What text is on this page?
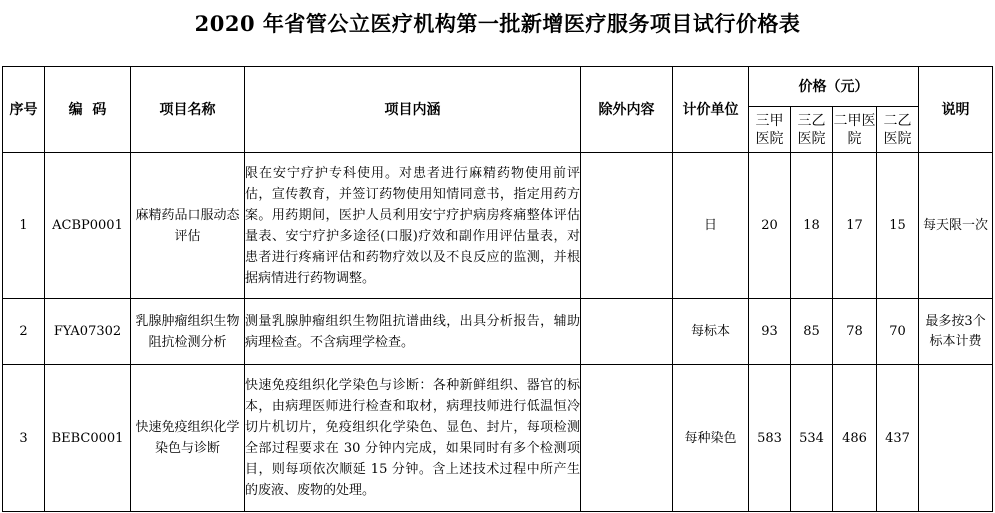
2020 年省管公立医疗机构第一批新增医疗服务项目试行价格表
序号	编  码	项目名称	项目内涵	除外内容	计价单位	价格（元）				说明
						三甲医院	三乙医院	二甲医院	二乙医院	
1	ACBP0001	麻精药品口服动态评估	限在安宁疗护专科使用。对患者进行麻精药物使用前评估，宣传教育，并签订药物使用知情同意书，指定用药方案。用药期间，医护人员利用安宁疗护病房疼痛整体评估量表、安宁疗护多途径(口服)疗效和副作用评估量表，对患者进行疼痛评估和药物疗效以及不良反应的监测，并根据病情进行药物调整。		日	20	18	17	15	每天限一次
2	FYA07302	乳腺肿瘤组织生物阻抗检测分析	测量乳腺肿瘤组织生物阻抗谱曲线，出具分析报告，辅助病理检查。不含病理学检查。		每标本	93	85	78	70	最多按3个标本计费
3	BEBC0001	快速免疫组织化学染色与诊断	快速免疫组织化学染色与诊断：各种新鲜组织、器官的标本，由病理医师进行检查和取材，病理技师进行低温恒冷切片机切片，免疫组织化学染色、显色、封片，每项检测全部过程要求在 30 分钟内完成，如果同时有多个检测项目，则每项依次顺延 15 分钟。含上述技术过程中所产生的废液、废物的处理。		每种染色	583	534	486	437	
